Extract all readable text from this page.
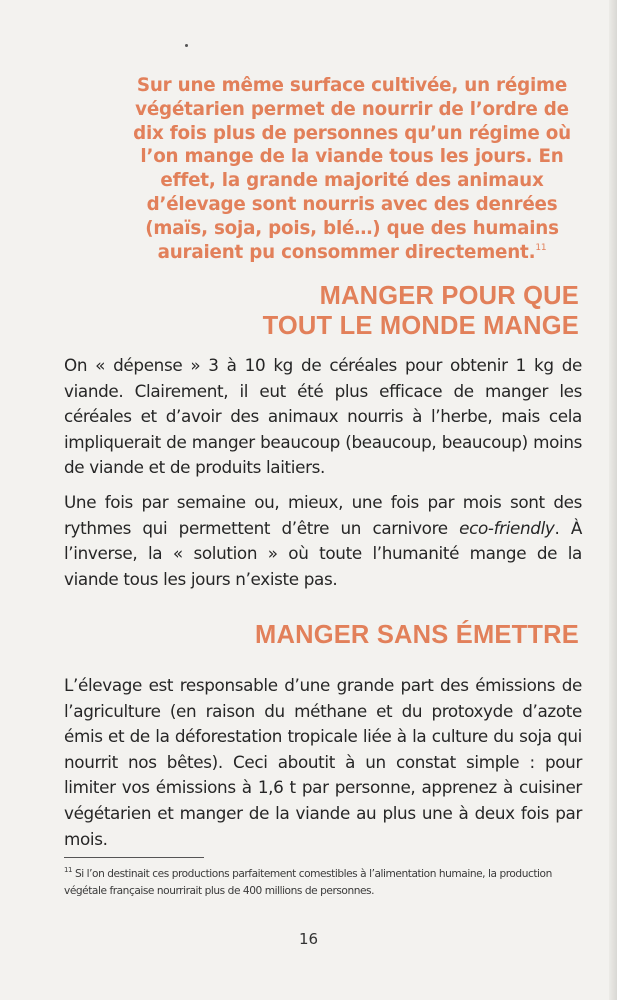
Sur une même surface cultivée, un régime végétarien permet de nourrir de l’ordre de dix fois plus de personnes qu’un régime où l’on mange de la viande tous les jours. En effet, la grande majorité des animaux d’élevage sont nourris avec des denrées (maïs, soja, pois, blé…) que des humains auraient pu consommer directement.$^{11}$
MANGER POUR QUE
TOUT LE MONDE MANGE
On « dépense » 3 à 10 kg de céréales pour obtenir 1 kg de viande. Clairement, il eut été plus efficace de manger les céréales et d’avoir des animaux nourris à l’herbe, mais cela impliquerait de manger beaucoup (beaucoup, beaucoup) moins de viande et de produits laitiers.
Une fois par semaine ou, mieux, une fois par mois sont des rythmes qui permettent d’être un carnivore eco-friendly. À l’inverse, la « solution » où toute l’humanité mange de la viande tous les jours n’existe pas.
MANGER SANS ÉMETTRE
L’élevage est responsable d’une grande part des émissions de l’agriculture (en raison du méthane et du protoxyde d’azote émis et de la déforestation tropicale liée à la culture du soja qui nourrit nos bêtes). Ceci aboutit à un constat simple : pour limiter vos émissions à 1,6 t par personne, apprenez à cuisiner végétarien et manger de la viande au plus une à deux fois par mois.
$^{11}$ Si l’on destinait ces productions parfaitement comestibles à l’alimentation humaine, la production végétale française nourrirait plus de 400 millions de personnes.
16
